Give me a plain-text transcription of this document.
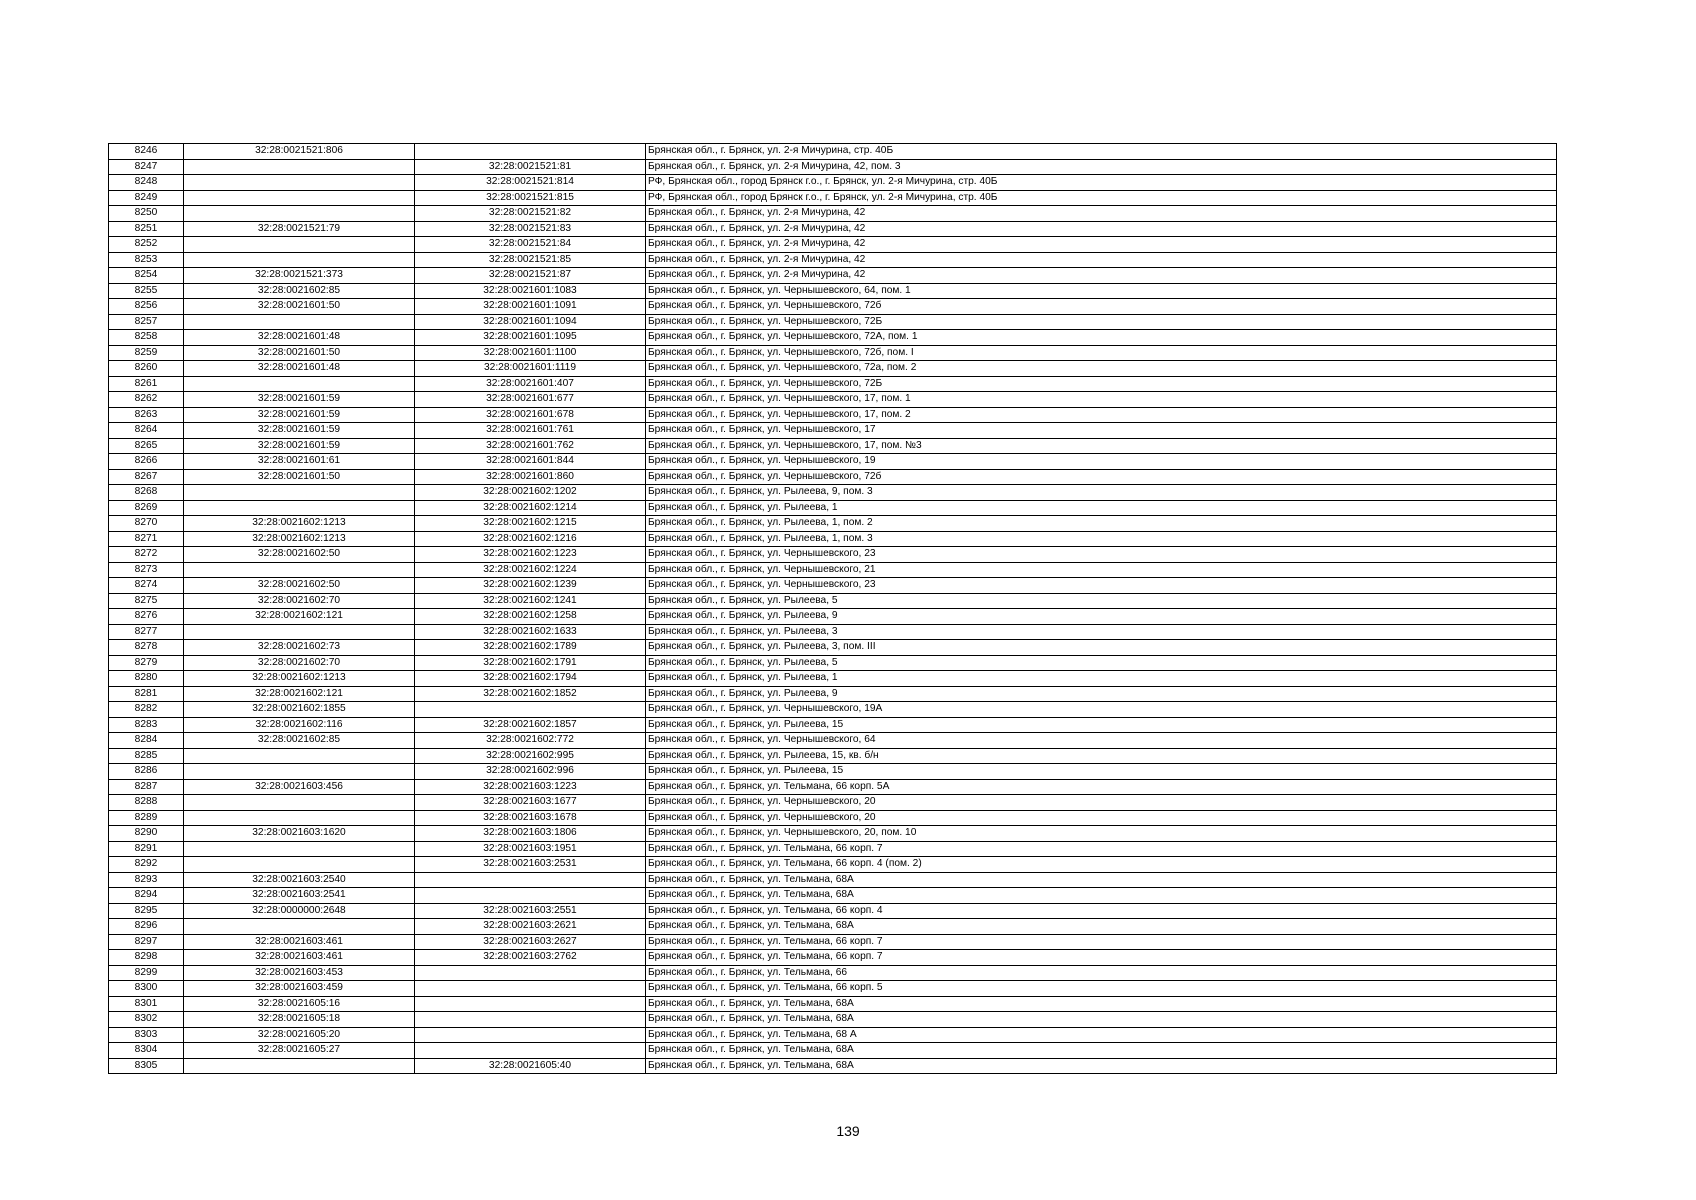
8246	32:28:0021521:806		Брянская обл., г. Брянск, ул. 2-я Мичурина, стр. 40Б
8247		32:28:0021521:81	Брянская обл., г. Брянск, ул. 2-я Мичурина, 42, пом. 3
8248		32:28:0021521:814	РФ, Брянская обл., город Брянск г.о., г. Брянск, ул. 2-я Мичурина, стр. 40Б
8249		32:28:0021521:815	РФ, Брянская обл., город Брянск г.о., г. Брянск, ул. 2-я Мичурина, стр. 40Б
8250		32:28:0021521:82	Брянская обл., г. Брянск, ул. 2-я Мичурина, 42
8251	32:28:0021521:79	32:28:0021521:83	Брянская обл., г. Брянск, ул. 2-я Мичурина, 42
8252		32:28:0021521:84	Брянская обл., г. Брянск, ул. 2-я Мичурина, 42
8253		32:28:0021521:85	Брянская обл., г. Брянск, ул. 2-я Мичурина, 42
8254	32:28:0021521:373	32:28:0021521:87	Брянская обл., г. Брянск, ул. 2-я Мичурина, 42
8255	32:28:0021602:85	32:28:0021601:1083	Брянская обл., г. Брянск, ул. Чернышевского, 64, пом. 1
8256	32:28:0021601:50	32:28:0021601:1091	Брянская обл., г. Брянск, ул. Чернышевского, 72б
8257		32:28:0021601:1094	Брянская обл., г. Брянск, ул. Чернышевского, 72Б
8258	32:28:0021601:48	32:28:0021601:1095	Брянская обл., г. Брянск, ул. Чернышевского, 72А, пом. 1
8259	32:28:0021601:50	32:28:0021601:1100	Брянская обл., г. Брянск, ул. Чернышевского, 72б, пом. I
8260	32:28:0021601:48	32:28:0021601:1119	Брянская обл., г. Брянск, ул. Чернышевского, 72а, пом. 2
8261		32:28:0021601:407	Брянская обл., г. Брянск, ул. Чернышевского, 72Б
8262	32:28:0021601:59	32:28:0021601:677	Брянская обл., г. Брянск, ул. Чернышевского, 17, пом. 1
8263	32:28:0021601:59	32:28:0021601:678	Брянская обл., г. Брянск, ул. Чернышевского, 17, пом. 2
8264	32:28:0021601:59	32:28:0021601:761	Брянская обл., г. Брянск, ул. Чернышевского, 17
8265	32:28:0021601:59	32:28:0021601:762	Брянская обл., г. Брянск, ул. Чернышевского, 17, пом. №3
8266	32:28:0021601:61	32:28:0021601:844	Брянская обл., г. Брянск, ул. Чернышевского, 19
8267	32:28:0021601:50	32:28:0021601:860	Брянская обл., г. Брянск, ул. Чернышевского, 72б
8268		32:28:0021602:1202	Брянская обл., г. Брянск, ул. Рылеева, 9, пом. 3
8269		32:28:0021602:1214	Брянская обл., г. Брянск, ул. Рылеева, 1
8270	32:28:0021602:1213	32:28:0021602:1215	Брянская обл., г. Брянск, ул. Рылеева, 1, пом. 2
8271	32:28:0021602:1213	32:28:0021602:1216	Брянская обл., г. Брянск, ул. Рылеева, 1, пом. 3
8272	32:28:0021602:50	32:28:0021602:1223	Брянская обл., г. Брянск, ул. Чернышевского, 23
8273		32:28:0021602:1224	Брянская обл., г. Брянск, ул. Чернышевского, 21
8274	32:28:0021602:50	32:28:0021602:1239	Брянская обл., г. Брянск, ул. Чернышевского, 23
8275	32:28:0021602:70	32:28:0021602:1241	Брянская обл., г. Брянск, ул. Рылеева, 5
8276	32:28:0021602:121	32:28:0021602:1258	Брянская обл., г. Брянск, ул. Рылеева, 9
8277		32:28:0021602:1633	Брянская обл., г. Брянск, ул. Рылеева, 3
8278	32:28:0021602:73	32:28:0021602:1789	Брянская обл., г. Брянск, ул. Рылеева, 3, пом. III
8279	32:28:0021602:70	32:28:0021602:1791	Брянская обл., г. Брянск, ул. Рылеева, 5
8280	32:28:0021602:1213	32:28:0021602:1794	Брянская обл., г. Брянск, ул. Рылеева, 1
8281	32:28:0021602:121	32:28:0021602:1852	Брянская обл., г. Брянск, ул. Рылеева, 9
8282	32:28:0021602:1855		Брянская обл., г. Брянск, ул. Чернышевского, 19А
8283	32:28:0021602:116	32:28:0021602:1857	Брянская обл., г. Брянск, ул. Рылеева, 15
8284	32:28:0021602:85	32:28:0021602:772	Брянская обл., г. Брянск, ул. Чернышевского, 64
8285		32:28:0021602:995	Брянская обл., г. Брянск, ул. Рылеева, 15, кв. б/н
8286		32:28:0021602:996	Брянская обл., г. Брянск, ул. Рылеева, 15
8287	32:28:0021603:456	32:28:0021603:1223	Брянская обл., г. Брянск, ул. Тельмана, 66 корп. 5А
8288		32:28:0021603:1677	Брянская обл., г. Брянск, ул. Чернышевского, 20
8289		32:28:0021603:1678	Брянская обл., г. Брянск, ул. Чернышевского, 20
8290	32:28:0021603:1620	32:28:0021603:1806	Брянская обл., г. Брянск, ул. Чернышевского, 20, пом. 10
8291		32:28:0021603:1951	Брянская обл., г. Брянск, ул. Тельмана, 66 корп. 7
8292		32:28:0021603:2531	Брянская обл., г. Брянск, ул. Тельмана, 66 корп. 4 (пом. 2)
8293	32:28:0021603:2540		Брянская обл., г. Брянск, ул. Тельмана, 68А
8294	32:28:0021603:2541		Брянская обл., г. Брянск, ул. Тельмана, 68А
8295	32:28:0000000:2648	32:28:0021603:2551	Брянская обл., г. Брянск, ул. Тельмана, 66 корп. 4
8296		32:28:0021603:2621	Брянская обл., г. Брянск, ул. Тельмана, 68А
8297	32:28:0021603:461	32:28:0021603:2627	Брянская обл., г. Брянск, ул. Тельмана, 66 корп. 7
8298	32:28:0021603:461	32:28:0021603:2762	Брянская обл., г. Брянск, ул. Тельмана, 66 корп. 7
8299	32:28:0021603:453		Брянская обл., г. Брянск, ул. Тельмана, 66
8300	32:28:0021603:459		Брянская обл., г. Брянск, ул. Тельмана, 66 корп. 5
8301	32:28:0021605:16		Брянская обл., г. Брянск, ул. Тельмана, 68А
8302	32:28:0021605:18		Брянская обл., г. Брянск, ул. Тельмана, 68А
8303	32:28:0021605:20		Брянская обл., г. Брянск, ул. Тельмана, 68 А
8304	32:28:0021605:27		Брянская обл., г. Брянск, ул. Тельмана, 68А
8305		32:28:0021605:40	Брянская обл., г. Брянск, ул. Тельмана, 68А
139
